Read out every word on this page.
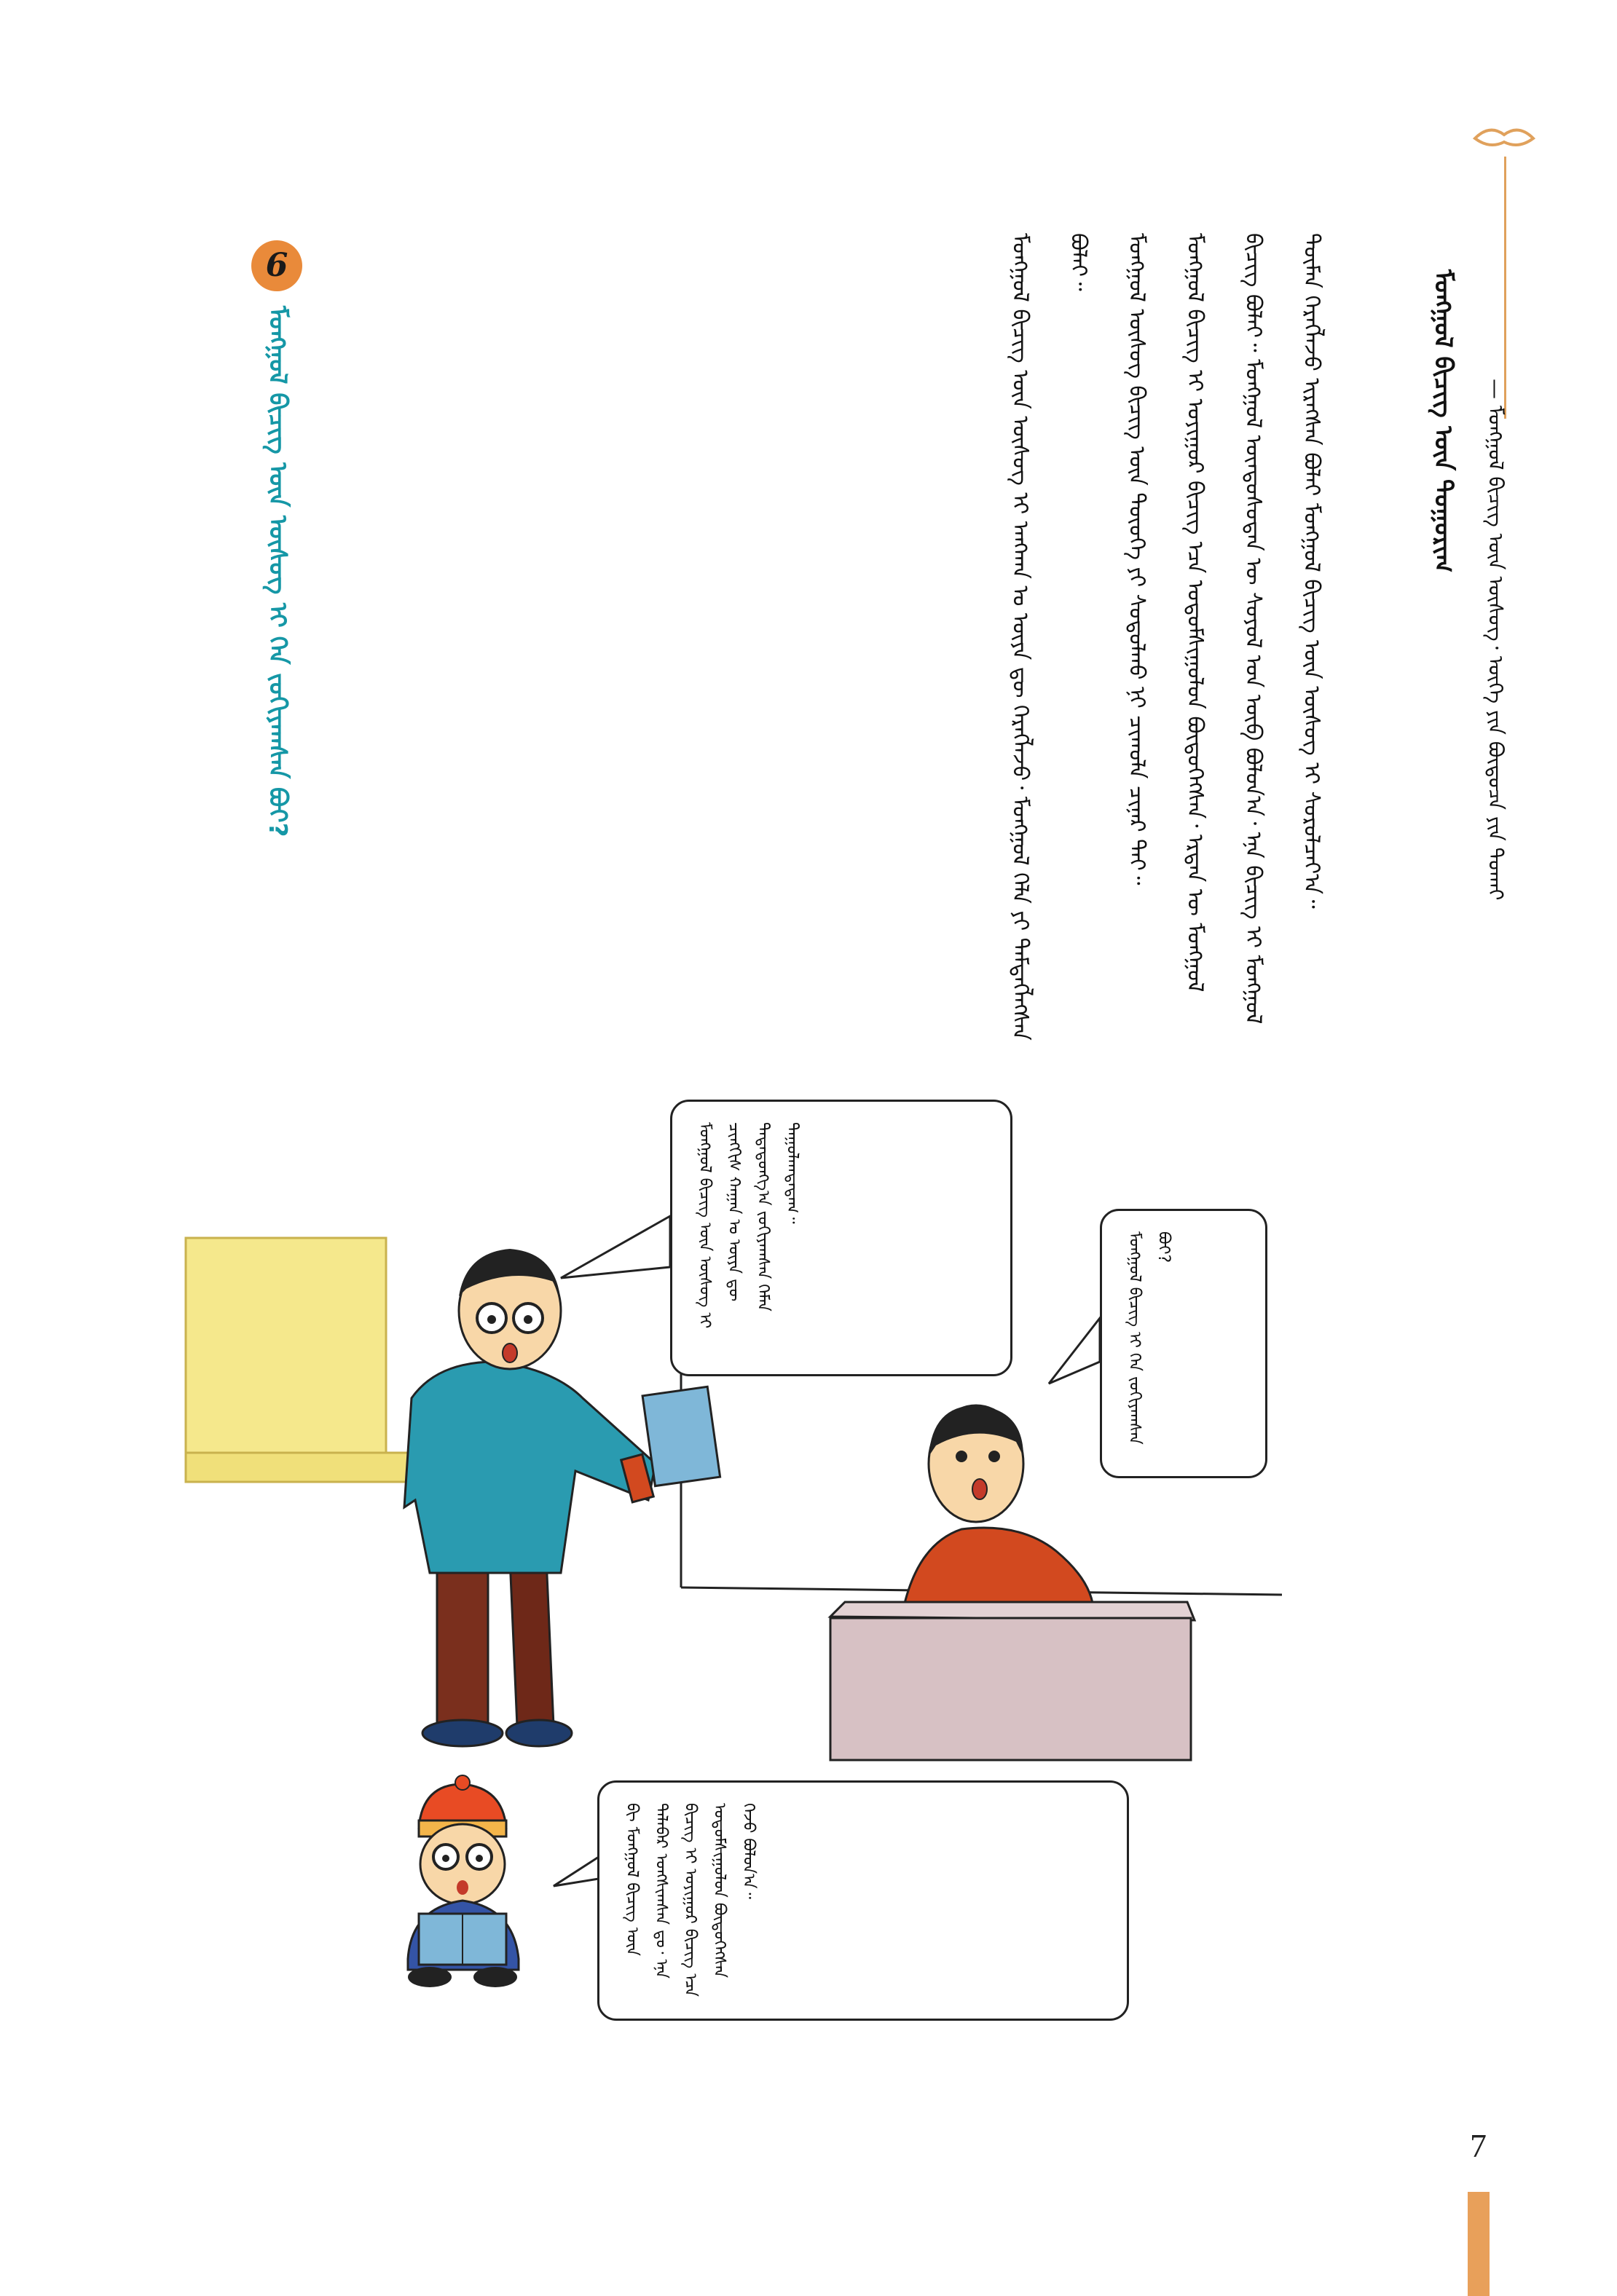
ᠮᠣᠩᠭᠣᠯ ᠪᠢᠴᠢᠭ᠌ ᠦᠨ ᠳᠤᠭᠤᠷᠢᠭ	— ᠮᠣᠩᠭᠣᠯ ᠪᠢᠴᠢᠭ᠌ ᠦᠨ ᠦᠰᠦᠭ᠂ ᠦᠭᠡ ᠶᠢᠨ ᠪᠦᠲᠦᠴᠡ ᠶᠢᠨ ᠲᠤᠬᠠᠢ

ᠮᠣᠩᠭᠣᠯ ᠪᠢᠴᠢᠭ᠌ ᠦᠨ ᠦᠰᠦᠭ ᠢ ᠠᠩᠬᠠᠨ ᠤ ᠦᠶᠡ ᠳᠦ ᠬᠡᠷᠡᠭᠯᠡᠵᠦ᠂ ᠮᠣᠩᠭᠣᠯ ᠬᠡᠯᠡ ᠶᠢ ᠲᠡᠮᠳᠡᠭᠯᠡᠭᠰᠡᠨ ᠪᠣᠯᠠᠢ᠃	ᠮᠣᠩᠭᠣᠯ ᠦᠰᠦᠭ ᠪᠢᠴᠢᠭ ᠦᠨ ᠲᠦᠦᠬᠡ ᠶᠢ ᠰᠤᠳᠤᠯᠬᠤ ᠨᠢ ᠴᠢᠬᠤᠯᠠ ᠴᠢᠨᠠᠷ ᠲᠠᠢ᠃	ᠮᠣᠩᠭᠣᠯ ᠪᠢᠴᠢᠭ ᠢ ᠤᠶᠢᠭᠤᠷ ᠪᠢᠴᠢᠭ ᠡᠴᠡ ᠤᠳᠤᠮᠰᠢᠭᠤᠯᠤᠨ ᠪᠦᠲᠦᠭᠡᠭᠰᠡᠨ᠂ ᠡᠷᠲᠡᠨ ᠦ ᠮᠣᠩᠭᠣᠯ ᠪᠢᠴᠢᠭ ᠪᠣᠯᠠᠢ᠃ ᠮᠣᠩᠭᠣᠯ ᠦᠨᠳᠦᠰᠦᠲᠡᠨ ᠦ ᠰᠤᠶᠤᠯ ᠤᠨ ᠥᠪ ᠪᠣᠯᠤᠨ᠎ᠠ᠂ ᠡᠨᠡ ᠪᠢᠴᠢᠭ ᠢ ᠮᠣᠩᠭᠣᠯ ᠲᠦᠮᠡᠨ ᠬᠡᠷᠡᠭᠯᠡᠵᠦ ᠢᠷᠡᠭᠰᠡᠨ ᠪᠣᠯᠠᠢ ᠮᠣᠩᠭᠣᠯ ᠪᠢᠴᠢᠭ ᠦᠨ ᠦᠰᠦᠭ ᠢ ᠰᠤᠷᠤᠯᠴᠠᠶ᠎ᠠ᠃

6
ᠮᠣᠩᠭᠣᠯ ᠪᠢᠴᠢᠭ ᠦᠨ ᠦᠰᠦᠭ ᠢ ᠬᠡᠨ ᠵᠣᠬᠢᠶᠠᠭᠰᠠᠨ ᠪᠤᠢ?
ᠮᠣᠩᠭᠣᠯ ᠪᠢᠴᠢᠭ ᠦᠨ ᠦᠰᠦᠭ ᠢ ᠴᠢᠩᠭᠢᠰ ᠬᠠᠭᠠᠨ ᠤ ᠦᠶᠡ ᠳᠦ ᠲᠠᠲᠠᠲᠤᠩᠭ᠎ᠠ ᠵᠣᠬᠢᠶᠠᠭᠰᠠᠨ ᠬᠡᠮᠡᠨ ᠳᠠᠭᠤᠯᠠᠭᠳᠠᠳᠠᠭ᠃
ᠮᠣᠩᠭᠣᠯ ᠪᠢᠴᠢᠭ ᠢ ᠬᠡᠨ ᠵᠣᠬᠢᠶᠠᠭᠰᠠᠨ ᠪᠤᠢ?
ᠪᠢ ᠮᠣᠩᠭᠣᠯ ᠪᠢᠴᠢᠭ ᠦᠨ ᠲᠠᠯᠠᠪᠠᠷ ᠤᠩᠰᠢᠭᠰᠠᠨ ᠳᠤ᠂ ᠡᠨᠡ ᠪᠢᠴᠢᠭ ᠢ ᠤᠶᠢᠭᠤᠷ ᠪᠢᠴᠢᠭ ᠡᠴᠡ ᠤᠳᠤᠮᠰᠢᠭᠤᠯᠤᠨ ᠪᠦᠲᠦᠭᠡᠭᠰᠡᠨ ᠭᠡᠵᠦ ᠪᠣᠯᠤᠨ᠎ᠠ᠃
7
